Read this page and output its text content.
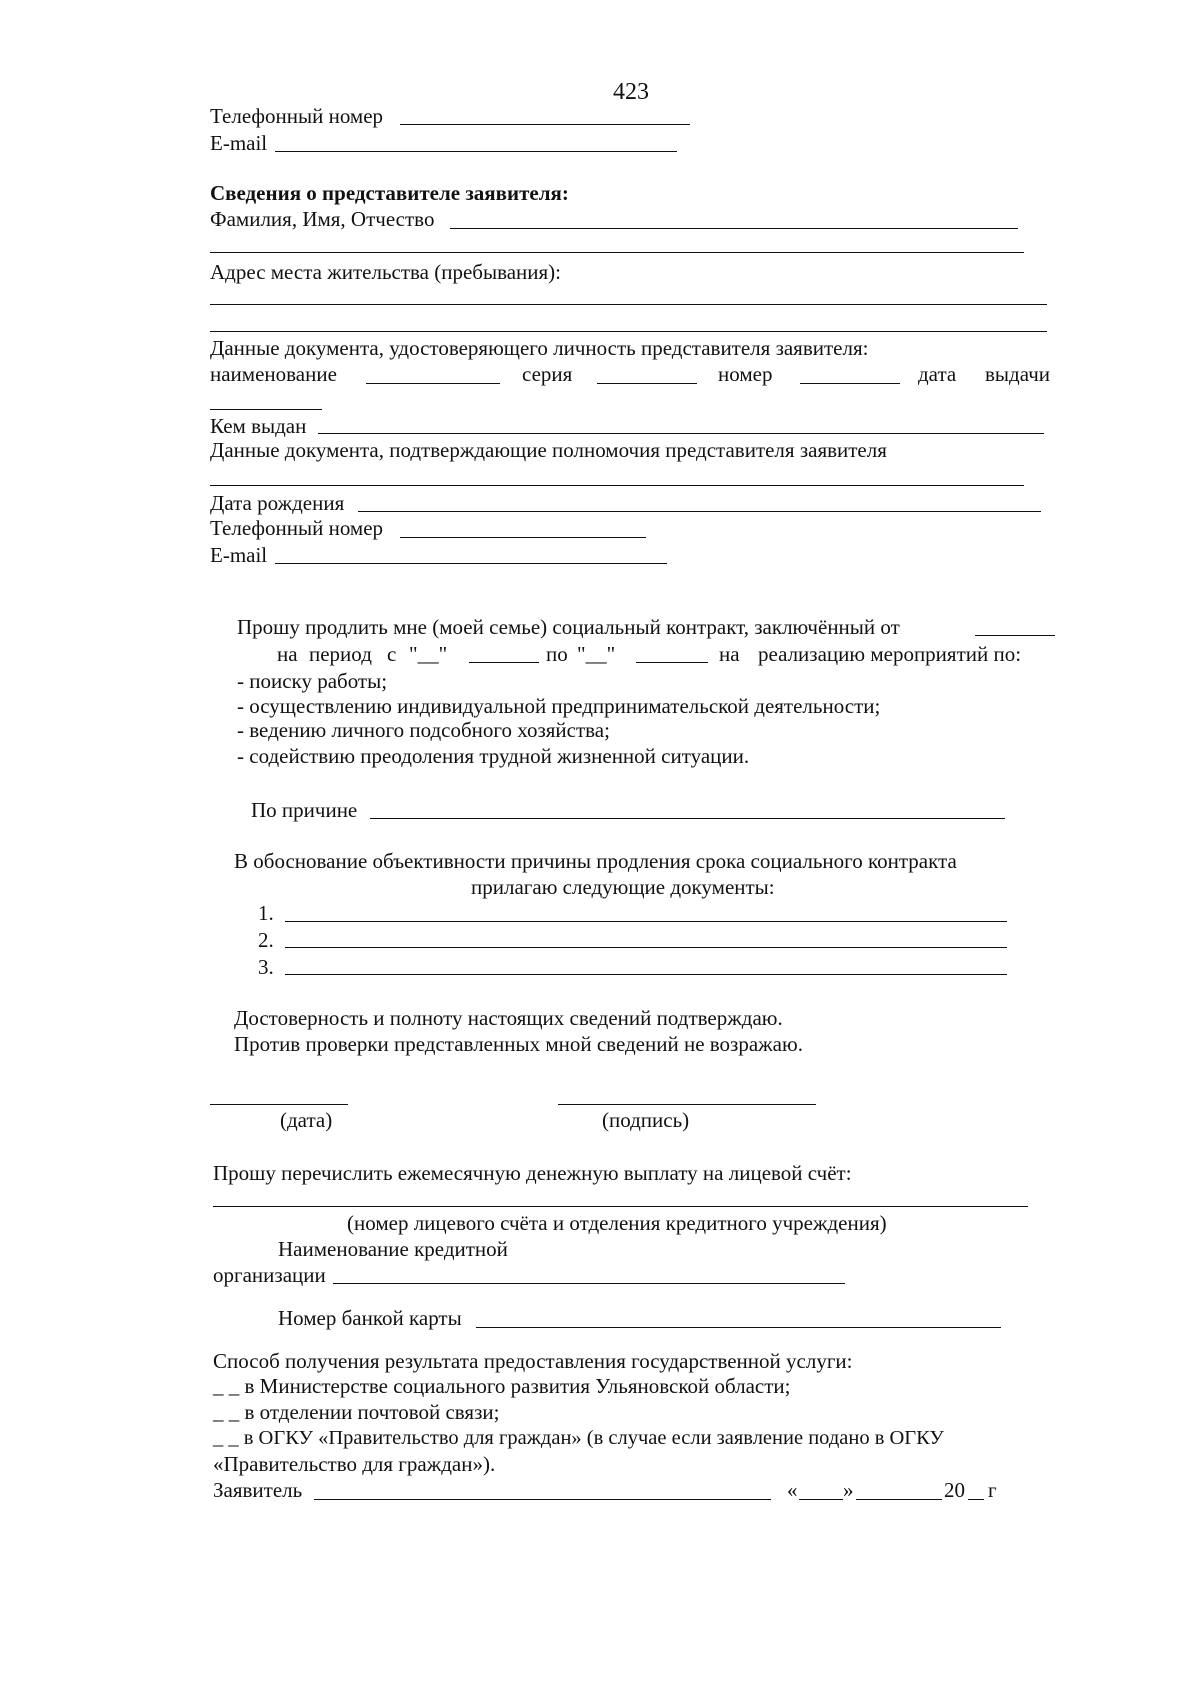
423
Телефонный номер
E-mail
Сведения о представителе заявителя:
Фамилия, Имя, Отчество
Адрес места жительства (пребывания):
Данные документа, удостоверяющего личность представителя заявителя:
наименование	серия	номер	дата выдачи
Кем выдан
Данные документа, подтверждающие полномочия представителя заявителя
Дата рождения
Телефонный номер
E-mail
Прошу продлить мне (моей семье) социальный контракт, заключённый от
на период с "__"	по "__"	на реализацию мероприятий по:
- поиску работы;
- осуществлению индивидуальной предпринимательской деятельности;
- ведению личного подсобного хозяйства;
- содействию преодоления трудной жизненной ситуации.
По причине
В обоснование объективности причины продления срока социального контракта
прилагаю следующие документы:
1.
2.
3.
Достоверность и полноту настоящих сведений подтверждаю.
Против проверки представленных мной сведений не возражаю.
(дата)	(подпись)
Прошу перечислить ежемесячную денежную выплату на лицевой счёт:
(номер лицевого счёта и отделения кредитного учреждения)
Наименование кредитной
организации
Номер банкой карты
Способ получения результата предоставления государственной услуги:
_ _ в Министерстве социального развития Ульяновской области;
_ _ в отделении почтовой связи;
_ _ в ОГКУ «Правительство для граждан» (в случае если заявление подано в ОГКУ
«Правительство для граждан»).
Заявитель	« »	20 г
